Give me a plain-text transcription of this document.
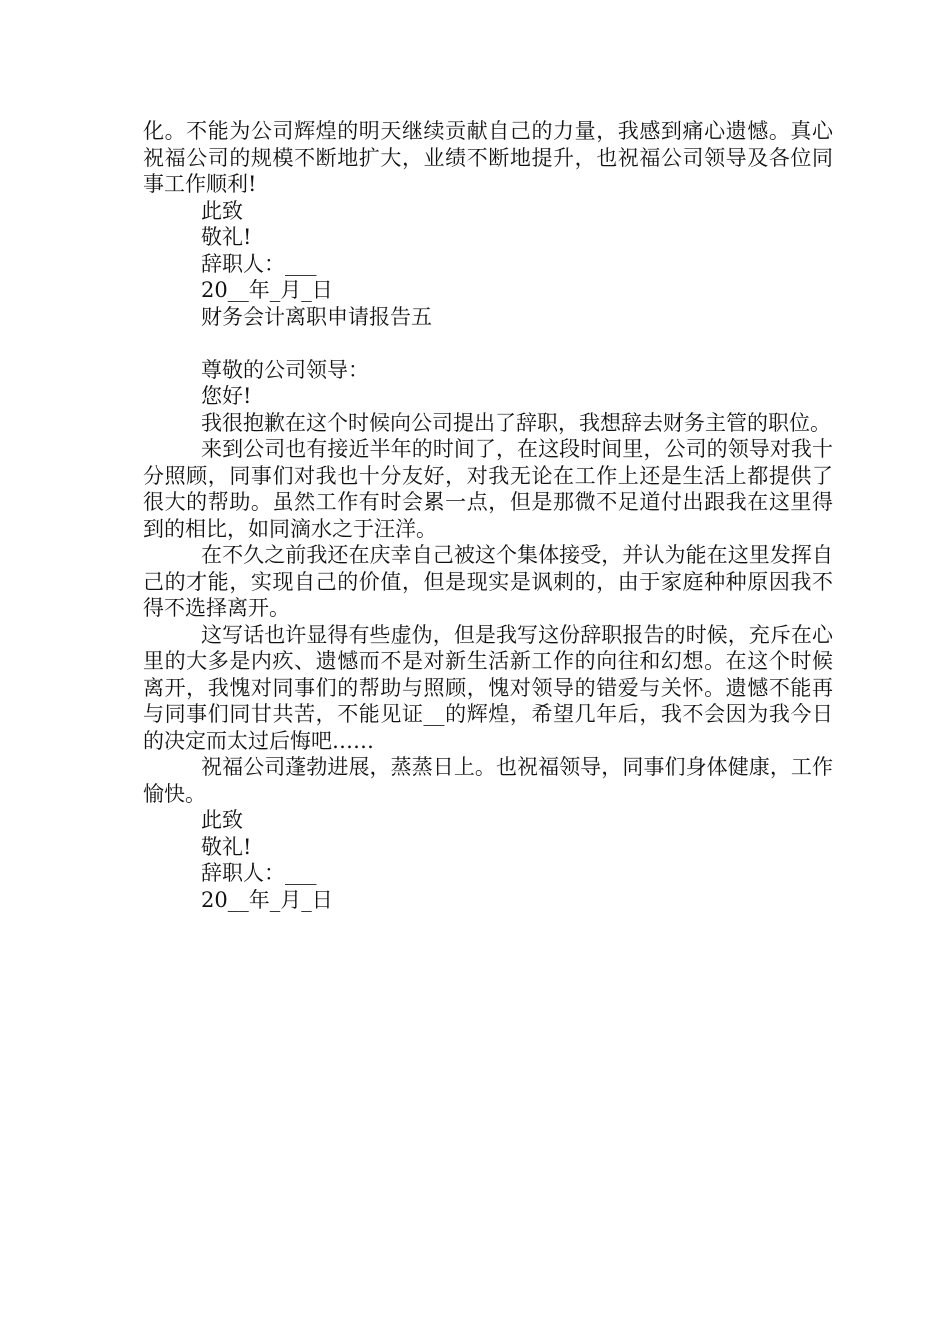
化。不能为公司辉煌的明天继续贡献自己的力量，我感到痛心遗憾。真心祝福公司的规模不断地扩大，业绩不断地提升，也祝福公司领导及各位同事工作顺利!

此致

敬礼!

辞职人：___

20__年_月_日

财务会计离职申请报告五

尊敬的公司领导：

您好!

我很抱歉在这个时候向公司提出了辞职，我想辞去财务主管的职位。

来到公司也有接近半年的时间了，在这段时间里，公司的领导对我十分照顾，同事们对我也十分友好，对我无论在工作上还是生活上都提供了很大的帮助。虽然工作有时会累一点，但是那微不足道付出跟我在这里得到的相比，如同滴水之于汪洋。

在不久之前我还在庆幸自己被这个集体接受，并认为能在这里发挥自己的才能，实现自己的价值，但是现实是讽刺的，由于家庭种种原因我不得不选择离开。

这写话也许显得有些虚伪，但是我写这份辞职报告的时候，充斥在心里的大多是内疚、遗憾而不是对新生活新工作的向往和幻想。在这个时候离开，我愧对同事们的帮助与照顾，愧对领导的错爱与关怀。遗憾不能再与同事们同甘共苦，不能见证__的辉煌，希望几年后，我不会因为我今日的决定而太过后悔吧……

祝福公司蓬勃进展，蒸蒸日上。也祝福领导，同事们身体健康，工作愉快。

此致

敬礼!

辞职人：___

20__年_月_日
